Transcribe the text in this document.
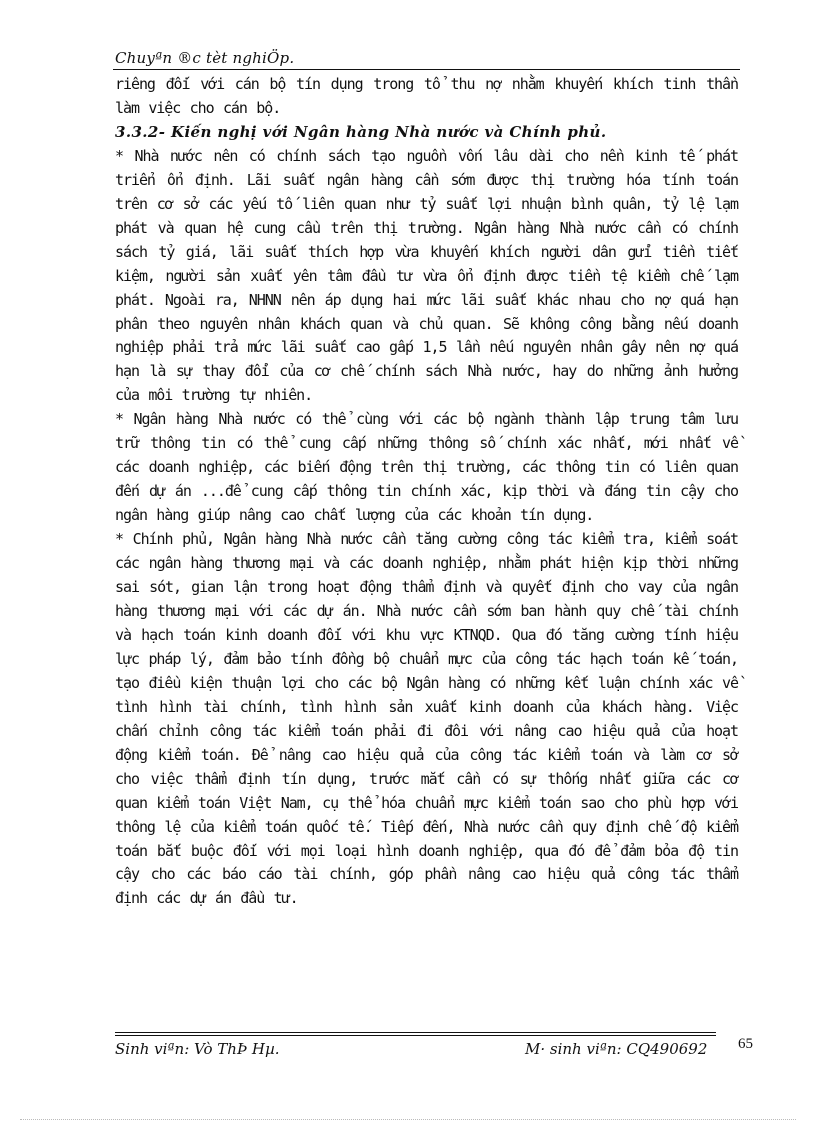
Chuyªn ®c tèt nghiÖp.

riêng đối với cán bộ tín dụng trong tổ thu nợ nhằm khuyến khích tinh thần làm việc cho cán bộ.

3.3.2- Kiến nghị với Ngân hàng Nhà nước và Chính phủ.

* Nhà nước nên có chính sách tạo nguồn vốn lâu dài cho nền kinh tế phát triển ổn định. Lãi suất ngân hàng cần sớm được thị trường hóa tính toán trên cơ sở các yếu tố liên quan như tỷ suất lợi nhuận bình quân, tỷ lệ lạm phát và quan hệ cung cầu trên thị trường. Ngân hàng Nhà nước cần có chính sách tỷ giá, lãi suất thích hợp vừa khuyến khích người dân gửi tiền tiết kiệm, người sản xuất yên tâm đầu tư vừa ổn định được tiền tệ kiềm chế lạm phát. Ngoài ra, NHNN nên áp dụng hai mức lãi suất khác nhau cho nợ quá hạn phân theo nguyên nhân khách quan và chủ quan. Sẽ không công bằng nếu doanh nghiệp phải trả mức lãi suất cao gấp 1,5 lần nếu nguyên nhân gây nên nợ quá hạn là sự thay đổi của cơ chế chính sách Nhà nước, hay do những ảnh hưởng của môi trường tự nhiên.

* Ngân hàng Nhà nước có thể cùng với các bộ ngành thành lập trung tâm lưu trữ thông tin có thể cung cấp những thông số chính xác nhất, mới nhất về các doanh nghiệp, các biến động trên thị trường, các thông tin có liên quan đến dự án ...để cung cấp thông tin chính xác, kịp thời và đáng tin cậy cho ngân hàng giúp nâng cao chất lượng của các khoản tín dụng.

* Chính phủ, Ngân hàng Nhà nước cần tăng cường công tác kiểm tra, kiểm soát các ngân hàng thương mại và các doanh nghiệp, nhằm phát hiện kịp thời những sai sót, gian lận trong hoạt động thẩm định và quyết định cho vay của ngân hàng thương mại với các dự án. Nhà nước cần sớm ban hành quy chế tài chính và hạch toán kinh doanh đối với khu vực KTNQD. Qua đó tăng cường tính hiệu lực pháp lý, đảm bảo tính đồng bộ chuẩn mực của công tác hạch toán kế toán, tạo điều kiện thuận lợi cho các bộ Ngân hàng có những kết luận chính xác về tình hình tài chính, tình hình sản xuất kinh doanh của khách hàng. Việc chấn chỉnh công tác kiểm toán phải đi đôi với nâng cao hiệu quả của hoạt động kiểm toán. Để nâng cao hiệu quả của công tác kiểm toán và làm cơ sở cho việc thẩm định tín dụng, trước mắt cần có sự thống nhất giữa các cơ quan kiểm toán Việt Nam, cụ thể hóa chuẩn mực kiểm toán sao cho phù hợp với thông lệ của kiểm toán quốc tế. Tiếp đến, Nhà nước cần quy định chế độ kiểm toán bắt buộc đối với mọi loại hình doanh nghiệp, qua đó để đảm bỏa độ tin cậy cho các báo cáo tài chính, góp phần nâng cao hiệu quả công tác thẩm định các dự án đầu tư.

Sinh viªn: Vò ThÞ Hµ.	M· sinh viªn: CQ490692 65
